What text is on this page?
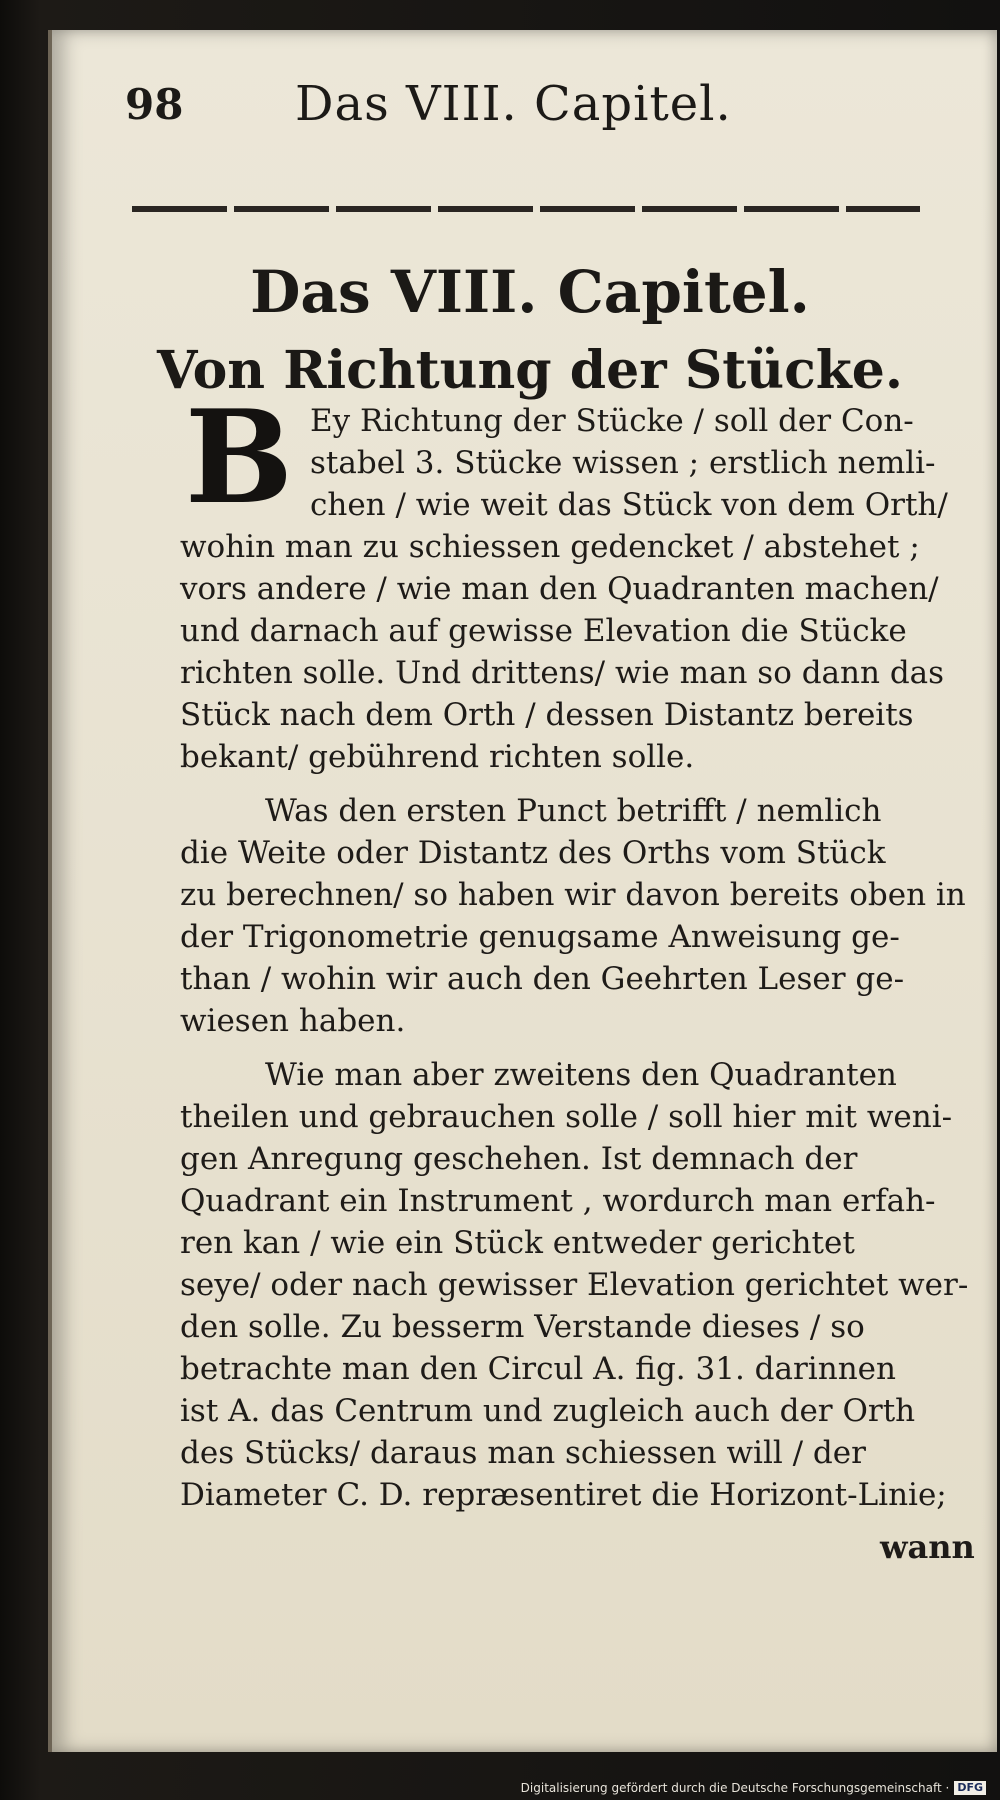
98 Das VIII. Capitel.
Das VIII. Capitel.
Von Richtung der Stücke.
B Ey Richtung der Stücke / soll der Con-
stabel 3. Stücke wissen ; erstlich nemli-
chen / wie weit das Stück von dem Orth/
wohin man zu schiessen gedencket / abstehet ;
vors andere / wie man den Quadranten machen/
und darnach auf gewisse Elevation die Stücke
richten solle. Und drittens/ wie man so dann das
Stück nach dem Orth / dessen Distantz bereits
bekant/ gebührend richten solle.
Was den ersten Punct betrifft / nemlich
die Weite oder Distantz des Orths vom Stück
zu berechnen/ so haben wir davon bereits oben in
der Trigonometrie genugsame Anweisung ge-
than / wohin wir auch den Geehrten Leser ge-
wiesen haben.
Wie man aber zweitens den Quadranten
theilen und gebrauchen solle / soll hier mit weni-
gen Anregung geschehen. Ist demnach der
Quadrant ein Instrument , wordurch man erfah-
ren kan / wie ein Stück entweder gerichtet
seye/ oder nach gewisser Elevation gerichtet wer-
den solle. Zu besserm Verstande dieses / so
betrachte man den Circul A. fig. 31. darinnen
ist A. das Centrum und zugleich auch der Orth
des Stücks/ daraus man schiessen will / der
Diameter C. D. repræsentiret die Horizont-Linie;
wann
Digitalisierung gefördert durch die Deutsche Forschungsgemeinschaft · DFG
